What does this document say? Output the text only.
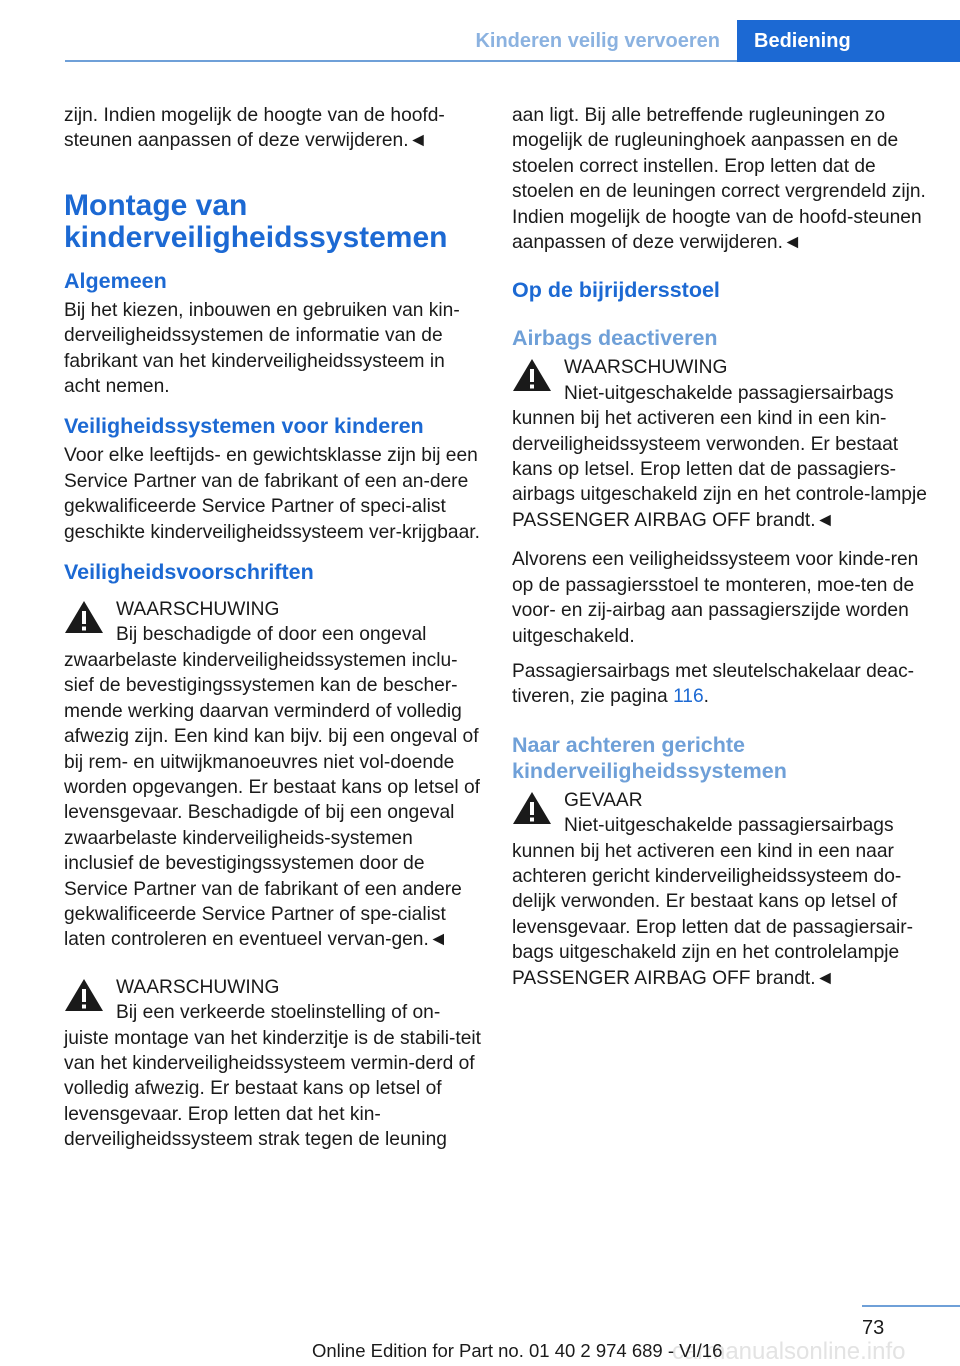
Kinderen veilig vervoeren	Bediening

zijn. Indien mogelijk de hoogte van de hoofd-steunen aanpassen of deze verwijderen.◄

Montage van kinderveiligheidssystemen
Algemeen

Bij het kiezen, inbouwen en gebruiken van kin-derveiligheidssystemen de informatie van de fabrikant van het kinderveiligheidssysteem in acht nemen.

Veiligheidssystemen voor kinderen

Voor elke leeftijds- en gewichtsklasse zijn bij een Service Partner van de fabrikant of een an-dere gekwalificeerde Service Partner of speci-alist geschikte kinderveiligheidssysteem ver-krijgbaar.

Veiligheidsvoorschriften
WAARSCHUWING
Bij beschadigde of door een ongeval

zwaarbelaste kinderveiligheidssystemen inclu-sief de bevestigingssystemen kan de bescher-mende werking daarvan verminderd of volledig afwezig zijn. Een kind kan bijv. bij een ongeval of bij rem- en uitwijkmanoeuvres niet vol-doende worden opgevangen. Er bestaat kans op letsel of levensgevaar. Beschadigde of bij een ongeval zwaarbelaste kinderveiligheids-systemen inclusief de bevestigingssystemen door de Service Partner van de fabrikant of een andere gekwalificeerde Service Partner of spe-cialist laten controleren en eventueel vervan-gen.◄

WAARSCHUWING
Bij een verkeerde stoelinstelling of on-

juiste montage van het kinderzitje is de stabili-teit van het kinderveiligheidssysteem vermin-derd of volledig afwezig. Er bestaat kans op letsel of levensgevaar. Erop letten dat het kin-derveiligheidssysteem strak tegen de leuning

aan ligt. Bij alle betreffende rugleuningen zo mogelijk de rugleuninghoek aanpassen en de stoelen correct instellen. Erop letten dat de stoelen en de leuningen correct vergrendeld zijn. Indien mogelijk de hoogte van de hoofd-steunen aanpassen of deze verwijderen.◄

Op de bijrijdersstoel
Airbags deactiveren
WAARSCHUWING
Niet-uitgeschakelde passagiersairbags

kunnen bij het activeren een kind in een kin-derveiligheidssysteem verwonden. Er bestaat kans op letsel. Erop letten dat de passagiers-airbags uitgeschakeld zijn en het controle-lampje PASSENGER AIRBAG OFF brandt.◄

Alvorens een veiligheidssysteem voor kinde-ren op de passagiersstoel te monteren, moe-ten de voor- en zij-airbag aan passagierszijde worden uitgeschakeld.

Passagiersairbags met sleutelschakelaar deac-tiveren, zie pagina 116.

Naar achteren gerichte kinderveiligheidssystemen
GEVAAR
Niet-uitgeschakelde passagiersairbags

kunnen bij het activeren een kind in een naar achteren gericht kinderveiligheidssysteem do-delijk verwonden. Er bestaat kans op letsel of levensgevaar. Erop letten dat de passagiersair-bags uitgeschakeld zijn en het controlelampje PASSENGER AIRBAG OFF brandt.◄

73
carmanualsonline.info
Online Edition for Part no. 01 40 2 974 689 - VI/16
